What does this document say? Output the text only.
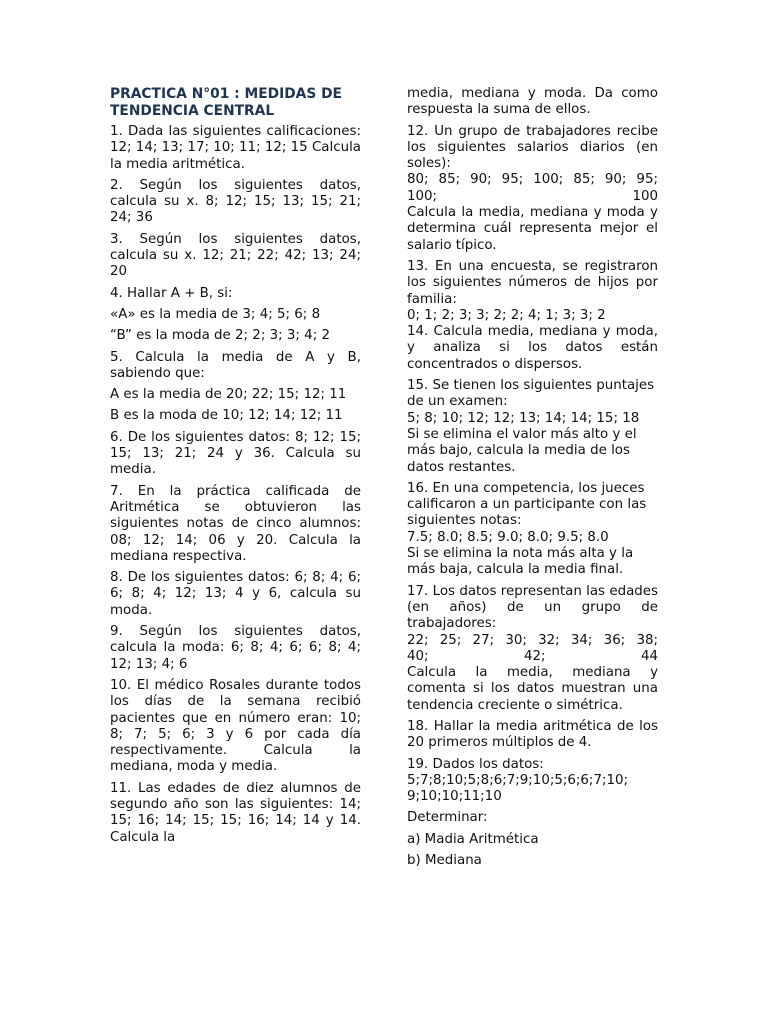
PRACTICA N°01 : MEDIDAS DE TENDENCIA CENTRAL
1. Dada las siguientes calificaciones: 12; 14; 13; 17; 10; 11; 12; 15 Calcula la media aritmética.
2. Según los siguientes datos, calcula su x. 8; 12; 15; 13; 15; 21; 24; 36
3. Según los siguientes datos, calcula su x. 12; 21; 22; 42; 13; 24; 20
4. Hallar A + B, si:
«A» es la media de 3; 4; 5; 6; 8
“B” es la moda de 2; 2; 3; 3; 4; 2
5. Calcula la media de A y B, sabiendo que:
A es la media de 20; 22; 15; 12; 11
B es la moda de 10; 12; 14; 12; 11
6. De los siguientes datos: 8; 12; 15; 15; 13; 21; 24 y 36. Calcula su media.
7. En la práctica calificada de Aritmética se obtuvieron las siguientes notas de cinco alumnos: 08; 12; 14; 06 y 20. Calcula la mediana respectiva.
8. De los siguientes datos: 6; 8; 4; 6; 6; 8; 4; 12; 13; 4 y 6, calcula su moda.
9. Según los siguientes datos, calcula la moda: 6; 8; 4; 6; 6; 8; 4; 12; 13; 4; 6
10. El médico Rosales durante todos los días de la semana recibió pacientes que en número eran: 10; 8; 7; 5; 6; 3 y 6 por cada día respectivamente. Calcula la mediana, moda y media.
11. Las edades de diez alumnos de segundo año son las siguientes: 14; 15; 16; 14; 15; 15; 16; 14; 14 y 14. Calcula la
media, mediana y moda. Da como respuesta la suma de ellos.
12. Un grupo de trabajadores recibe los siguientes salarios diarios (en soles):
80; 85; 90; 95; 100; 85; 90; 95;
100;	100
Calcula la media, mediana y moda y determina cuál representa mejor el salario típico.
13. En una encuesta, se registraron los siguientes números de hijos por familia:
0; 1; 2; 3; 3; 2; 2; 4; 1; 3; 3; 2
14. Calcula media, mediana y moda, y analiza si los datos están concentrados o dispersos.
15. Se tienen los siguientes puntajes de un examen:
5; 8; 10; 12; 12; 13; 14; 14; 15; 18
Si se elimina el valor más alto y el más bajo, calcula la media de los datos restantes.
16. En una competencia, los jueces calificaron a un participante con las siguientes notas:
7.5; 8.0; 8.5; 9.0; 8.0; 9.5; 8.0
Si se elimina la nota más alta y la más baja, calcula la media final.
17. Los datos representan las edades (en años) de un grupo de trabajadores:
22; 25; 27; 30; 32; 34; 36; 38;
40;	42;	44
Calcula la media, mediana y comenta si los datos muestran una tendencia creciente o simétrica.
18. Hallar la media aritmética de los 20 primeros múltiplos de 4.
19. Dados los datos: 5;7;8;10;5;8;6;7;9;10;5;6;6;7;10; 9;10;10;11;10
Determinar:
a) Madia Aritmética
b) Mediana
